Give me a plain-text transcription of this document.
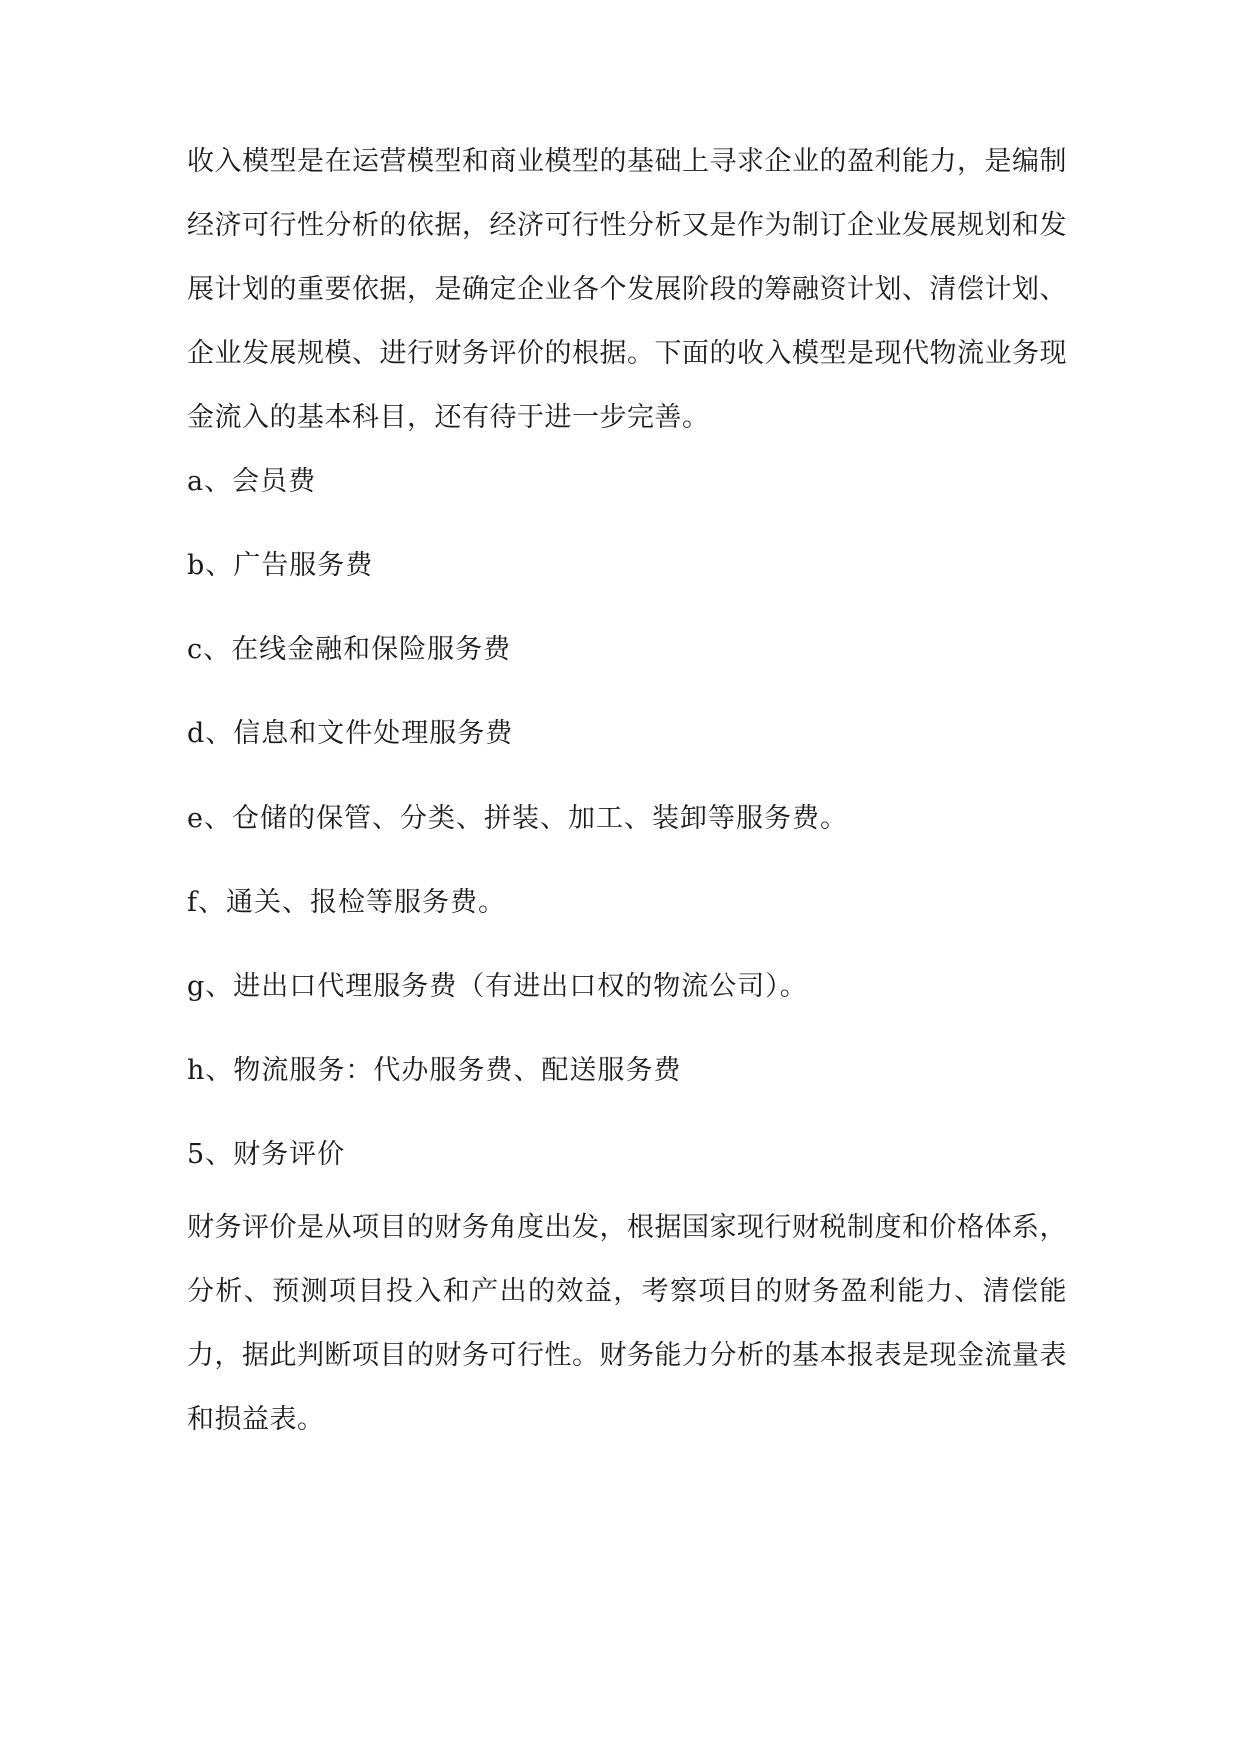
收入模型是在运营模型和商业模型的基础上寻求企业的盈利能力，是编制经济可行性分析的依据，经济可行性分析又是作为制订企业发展规划和发展计划的重要依据，是确定企业各个发展阶段的筹融资计划、清偿计划、企业发展规模、进行财务评价的根据。下面的收入模型是现代物流业务现金流入的基本科目，还有待于进一步完善。

a、会员费

b、广告服务费

c、在线金融和保险服务费

d、信息和文件处理服务费

e、仓储的保管、分类、拼装、加工、装卸等服务费。

f、通关、报检等服务费。

g、进出口代理服务费（有进出口权的物流公司）。

h、物流服务：代办服务费、配送服务费

5、财务评价

财务评价是从项目的财务角度出发，根据国家现行财税制度和价格体系，分析、预测项目投入和产出的效益，考察项目的财务盈利能力、清偿能力，据此判断项目的财务可行性。财务能力分析的基本报表是现金流量表和损益表。
